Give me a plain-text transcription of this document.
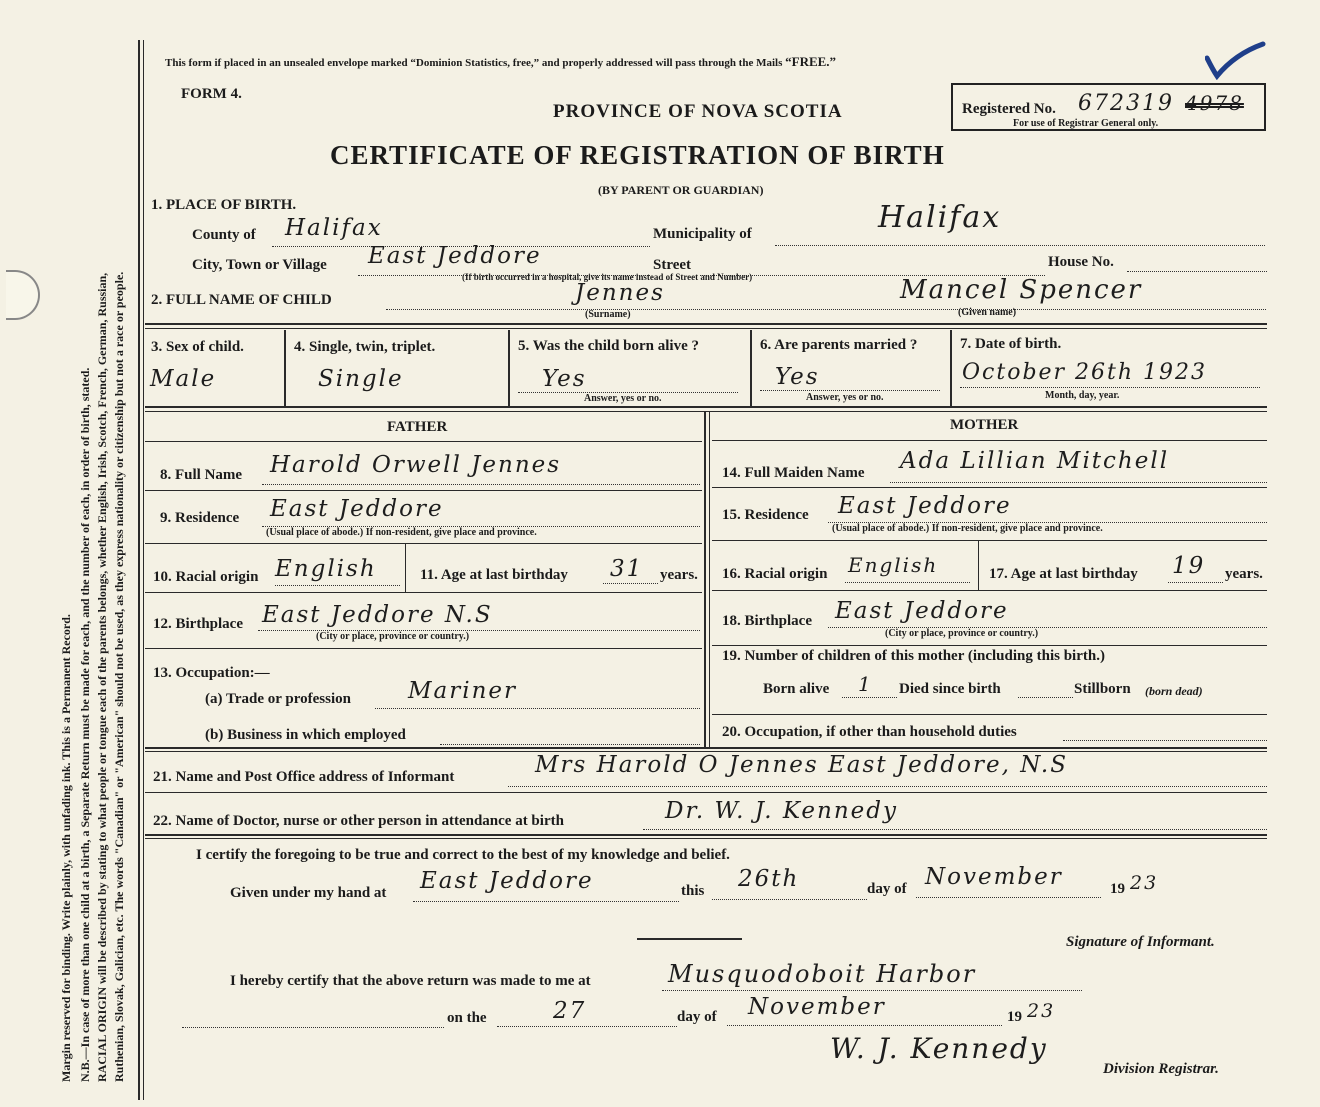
Margin reserved for binding. Write plainly, with unfading ink. This is a Permanent Record. N.B.—In case of more than one child at a birth, a Separate Return must be made for each, and the number of each, in order of birth, stated. RACIAL ORIGIN will be described by stating to what people or tongue each of the parents belongs, whether English, Irish, Scotch, French, German, Russian, Ruthenian, Slovak, Galician, etc. The words "Canadian" or "American" should not be used, as they express nationality or citizenship but not a race or people.
This form if placed in an unsealed envelope marked “Dominion Statistics, free,” and properly addressed will pass through the Mails “FREE.”
FORM 4.
PROVINCE OF NOVA SCOTIA
CERTIFICATE OF REGISTRATION OF BIRTH
(BY PARENT OR GUARDIAN)
Registered No. 672319 4978
For use of Registrar General only.
1. PLACE OF BIRTH.
County of Halifax	Municipality of	Halifax
City, Town or Village East Jeddore	Street
(If birth occurred in a hospital, give its name instead of Street and Number)
House No.
2. FULL NAME OF CHILD	Jennes
(Surname)
Mancel Spencer
(Given name)
3. Sex of child.
Male
4. Single, twin, triplet.
Single
5. Was the child born alive ?
Yes
Answer, yes or no.
6. Are parents married ?
Yes
Answer, yes or no.
7. Date of birth.
October 26th 1923
Month, day, year.
FATHER
8. Full Name Harold Orwell Jennes
9. Residence East Jeddore
(Usual place of abode.) If non-resident, give place and province.
10. Racial origin English	11. Age at last birthday 31 years.
12. Birthplace East Jeddore N.S
(City or place, province or country.)
13. Occupation:—
(a) Trade or profession Mariner
(b) Business in which employed
MOTHER
14. Full Maiden Name Ada Lillian Mitchell
15. Residence East Jeddore
(Usual place of abode.) If non-resident, give place and province.
16. Racial origin English	17. Age at last birthday 19 years.
18. Birthplace East Jeddore
(City or place, province or country.)
19. Number of children of this mother (including this birth.)
Born alive 1 Died since birth	Stillborn (born dead)
20. Occupation, if other than household duties
21. Name and Post Office address of Informant	Mrs Harold O Jennes East Jeddore, N.S
22. Name of Doctor, nurse or other person in attendance at birth	Dr. W. J. Kennedy
I certify the foregoing to be true and correct to the best of my knowledge and belief.
Given under my hand at East Jeddore	this 26th	day of November	19 23
Signature of Informant.
I hereby certify that the above return was made to me at	Musquodoboit Harbor
on the	27	day of November	19 23
W. J. Kennedy
Division Registrar.
